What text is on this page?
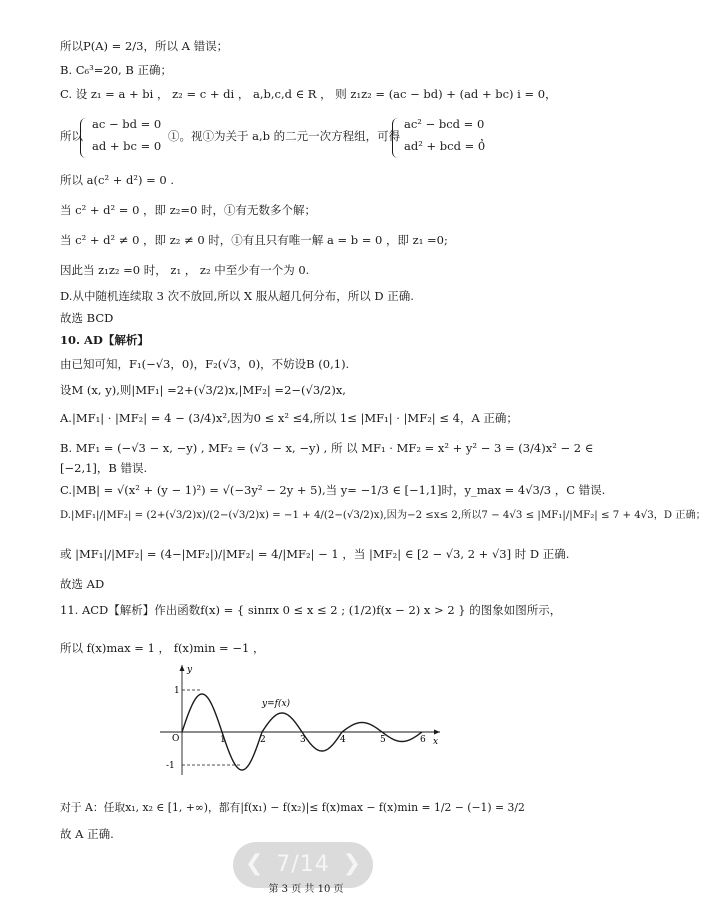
所以P(A) = 2/3，所以 A 错误；
B. C₆³=20, B 正确；
C. 设 z₁ = a + bi ， z₂ = c + di ， a,b,c,d ∈ R ， 则 z₁z₂ = (ac − bd) + (ad + bc) i = 0，
所以
ac − bd = 0
ad + bc = 0
①。视①为关于 a,b 的二元一次方程组，可得
ac² − bcd = 0
ad² + bcd = 0
，
所以 a(c² + d²) = 0 .
当 c² + d² = 0 ，即 z₂=0 时，①有无数多个解；
当 c² + d² ≠ 0 ，即 z₂ ≠ 0 时，①有且只有唯一解 a = b = 0 ，即 z₁ =0;
因此当 z₁z₂ =0 时， z₁ ， z₂ 中至少有一个为 0.
D.从中随机连续取 3 次不放回,所以 X 服从超几何分布，所以 D 正确.
故选 BCD
10. AD【解析】
由已知可知，F₁(−√3，0)，F₂(√3，0)，不妨设B (0,1).
设M (x, y),则|MF₁| =2+(√3/2)x,|MF₂| =2−(√3/2)x,
A.|MF₁| · |MF₂| = 4 − (3/4)x²,因为0 ≤ x² ≤4,所以 1≤ |MF₁| · |MF₂| ≤ 4，A 正确；
B. MF₁ = (−√3 − x, −y) , MF₂ = (√3 − x, −y) , 所 以 MF₁ · MF₂ = x² + y² − 3 = (3/4)x² − 2 ∈
[−2,1]，B 错误.
C.|MB| = √(x² + (y − 1)²) = √(−3y² − 2y + 5),当 y= −1/3 ∈ [−1,1]时，y_max = 4√3/3 ，C 错误.
D.|MF₁|/|MF₂| = (2+(√3/2)x)/(2−(√3/2)x) = −1 + 4/(2−(√3/2)x),因为−2 ≤x≤ 2,所以7 − 4√3 ≤ |MF₁|/|MF₂| ≤ 7 + 4√3，D 正确；
或 |MF₁|/|MF₂| = (4−|MF₂|)/|MF₂| = 4/|MF₂| − 1 ，当 |MF₂| ∈ [2 − √3, 2 + √3] 时 D 正确.
故选 AD
11. ACD【解析】作出函数f(x) = { sinπx 0 ≤ x ≤ 2 ; (1/2)f(x − 2) x > 2 } 的图象如图所示，
所以 f(x)max = 1 ， f(x)min = −1 ，
1
-1
O
y
x
y=f(x)
1	2	3	4	5	6
对于 A：任取x₁, x₂ ∈ [1, +∞)，都有|f(x₁) − f(x₂)|≤ f(x)max − f(x)min = 1/2 − (−1) = 3/2
故 A 正确.
❮ 7/14 ❯
第 3 页 共 10 页
